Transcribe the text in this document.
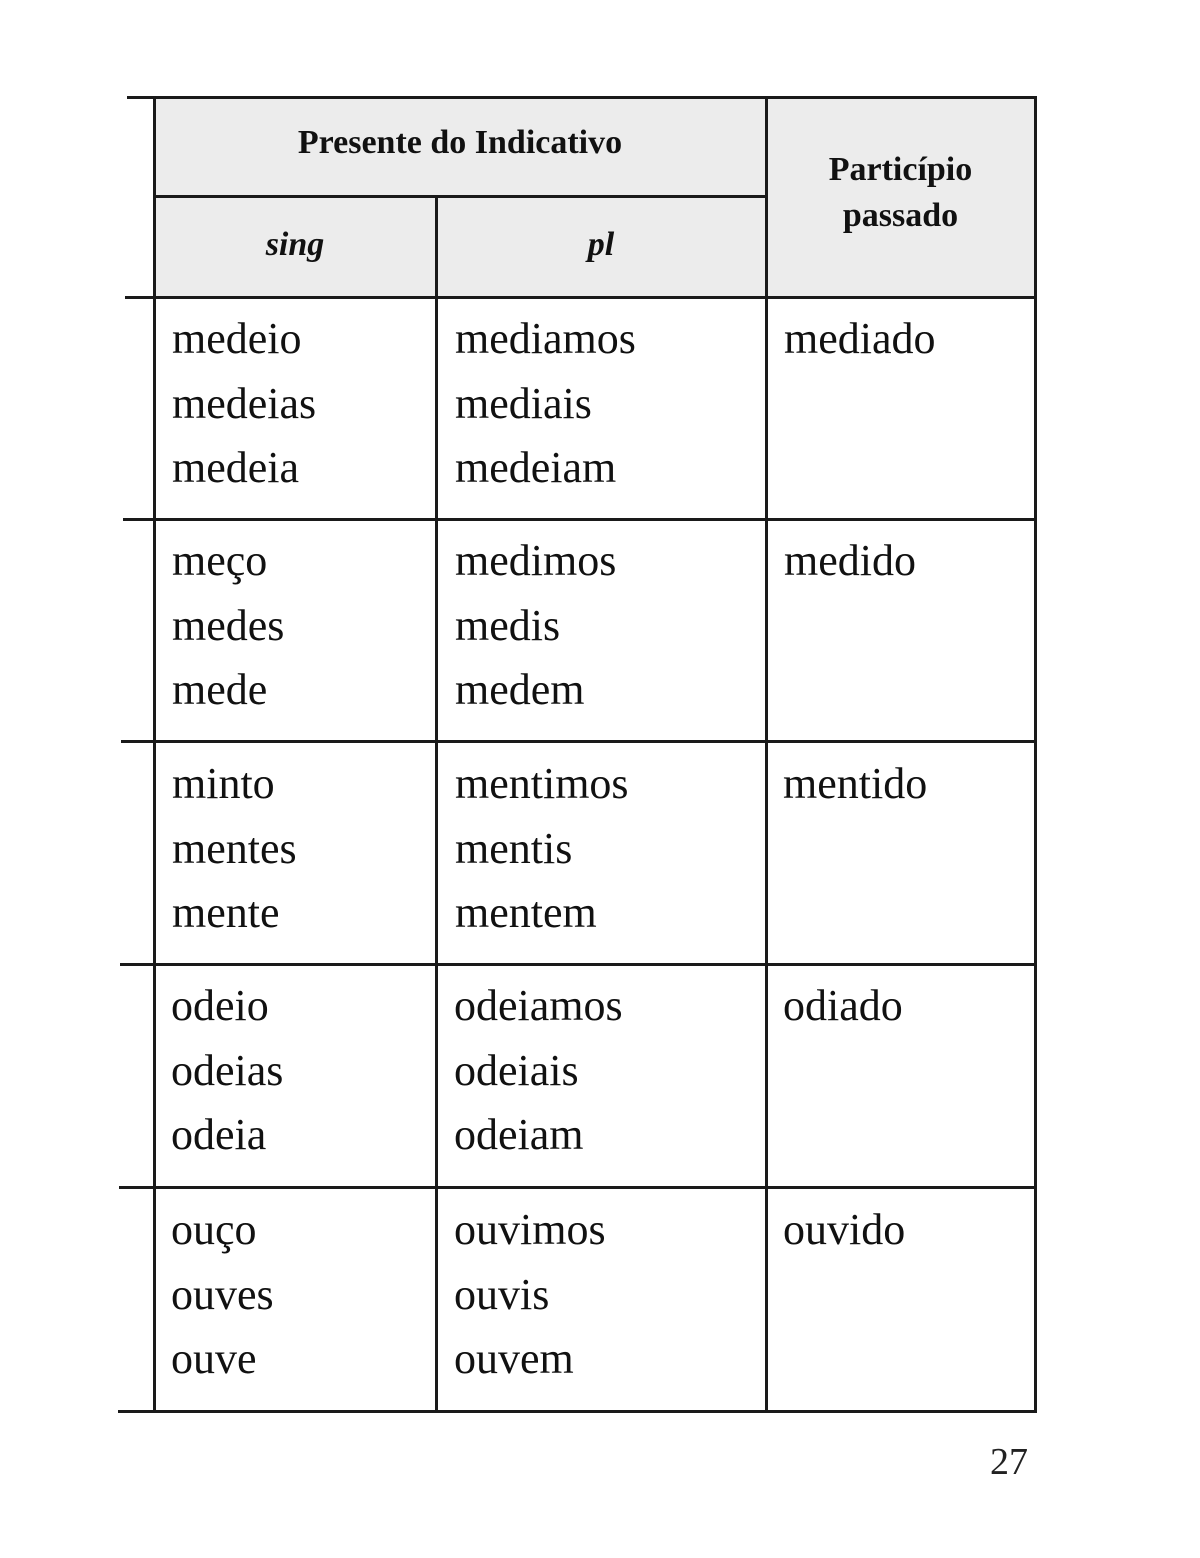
Presente do Indicativo
sing	pl
Particípio
passado
medeio
medeias
medeia
mediamos
mediais
medeiam
mediado
meço
medes
mede
medimos
medis
medem
medido
minto
mentes
mente
mentimos
mentis
mentem
mentido
odeio
odeias
odeia
odeiamos
odeiais
odeiam
odiado
ouço
ouves
ouve
ouvimos
ouvis
ouvem
ouvido
27
